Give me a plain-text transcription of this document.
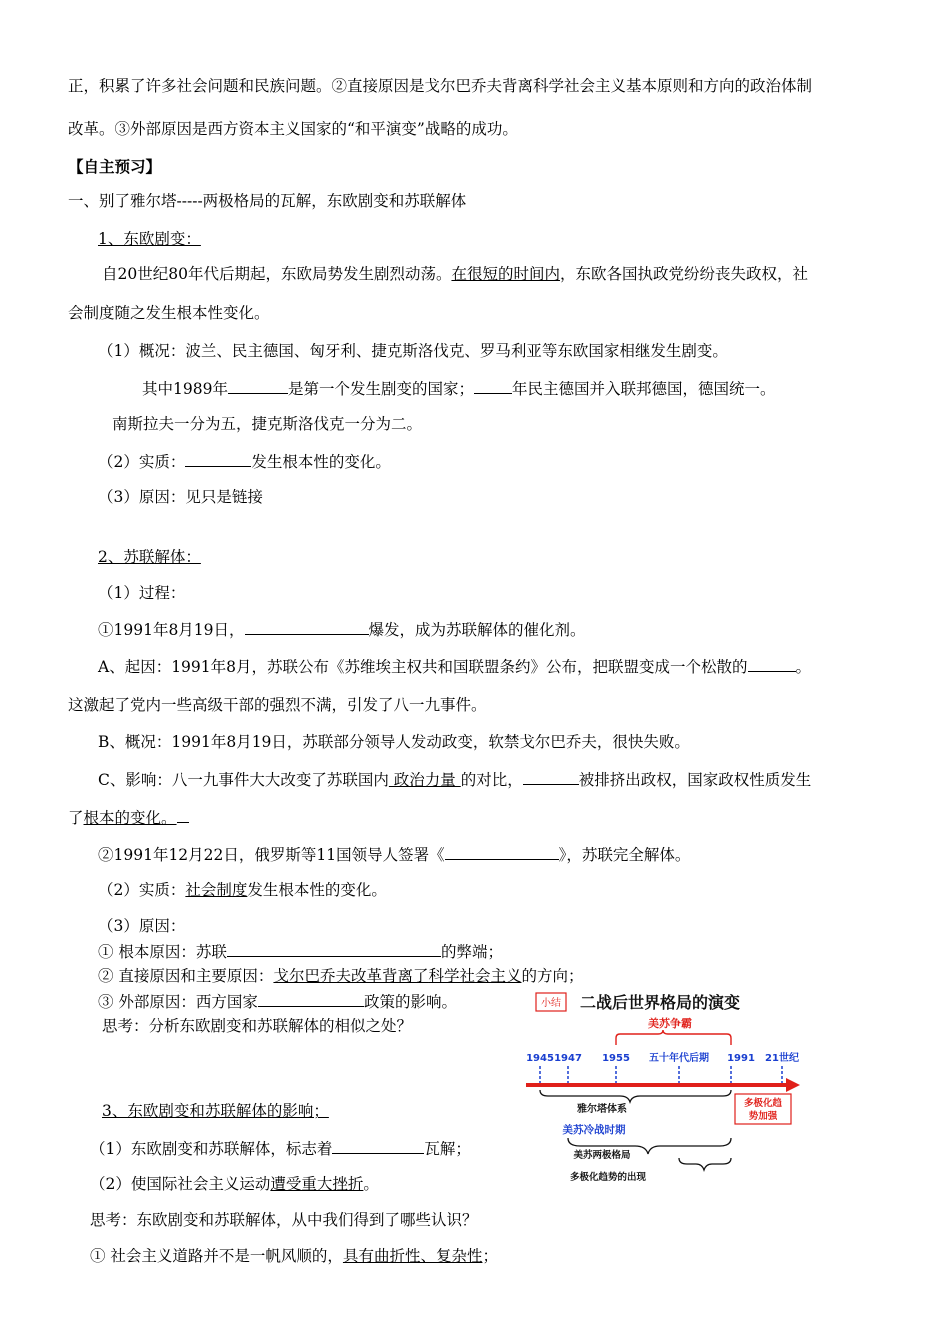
正，积累了许多社会问题和民族问题。②直接原因是戈尔巴乔夫背离科学社会主义基本原则和方向的政治体制
改革。③外部原因是西方资本主义国家的“和平演变”战略的成功。
【自主预习】
一、别了雅尔塔-----两极格局的瓦解，东欧剧变和苏联解体
1、东欧剧变：
自20世纪80年代后期起，东欧局势发生剧烈动荡。在很短的时间内，东欧各国执政党纷纷丧失政权，社
会制度随之发生根本性变化。
（1）概况：波兰、民主德国、匈牙利、捷克斯洛伐克、罗马利亚等东欧国家相继发生剧变。
其中1989年	是第一个发生剧变的国家； 年民主德国并入联邦德国，德国统一。
南斯拉夫一分为五，捷克斯洛伐克一分为二。
（2）实质：	发生根本性的变化。
（3）原因：见只是链接
2、苏联解体：
（1）过程：
①1991年8月19日，	爆发，成为苏联解体的催化剂。
A、起因：1991年8月，苏联公布《苏维埃主权共和国联盟条约》公布，把联盟变成一个松散的	。
这激起了党内一些高级干部的强烈不满，引发了八一九事件。
B、概况：1991年8月19日，苏联部分领导人发动政变，软禁戈尔巴乔夫，很快失败。
C、影响：八一九事件大大改变了苏联国内 政治力量 的对比，	被排挤出政权，国家政权性质发生
了根本的变化。
②1991年12月22日，俄罗斯等11国领导人签署《	》，苏联完全解体。
（2）实质：社会制度发生根本性的变化。
（3）原因：
① 根本原因：苏联	的弊端；
② 直接原因和主要原因：戈尔巴乔夫改革背离了科学社会主义的方向；
③ 外部原因：西方国家	政策的影响。
思考：分析东欧剧变和苏联解体的相似之处？
3、东欧剧变和苏联解体的影响；
（1）东欧剧变和苏联解体，标志着	瓦解；
（2）使国际社会主义运动遭受重大挫折。
思考：东欧剧变和苏联解体，从中我们得到了哪些认识？
① 社会主义道路并不是一帆风顺的，具有曲折性、复杂性；
小结 二战后世界格局的演变
美苏争霸
1945 1947 1955 五十年代后期 1991 21世纪
雅尔塔体系
多极化趋
势加强
美苏冷战时期
美苏两极格局
多极化趋势的出现
